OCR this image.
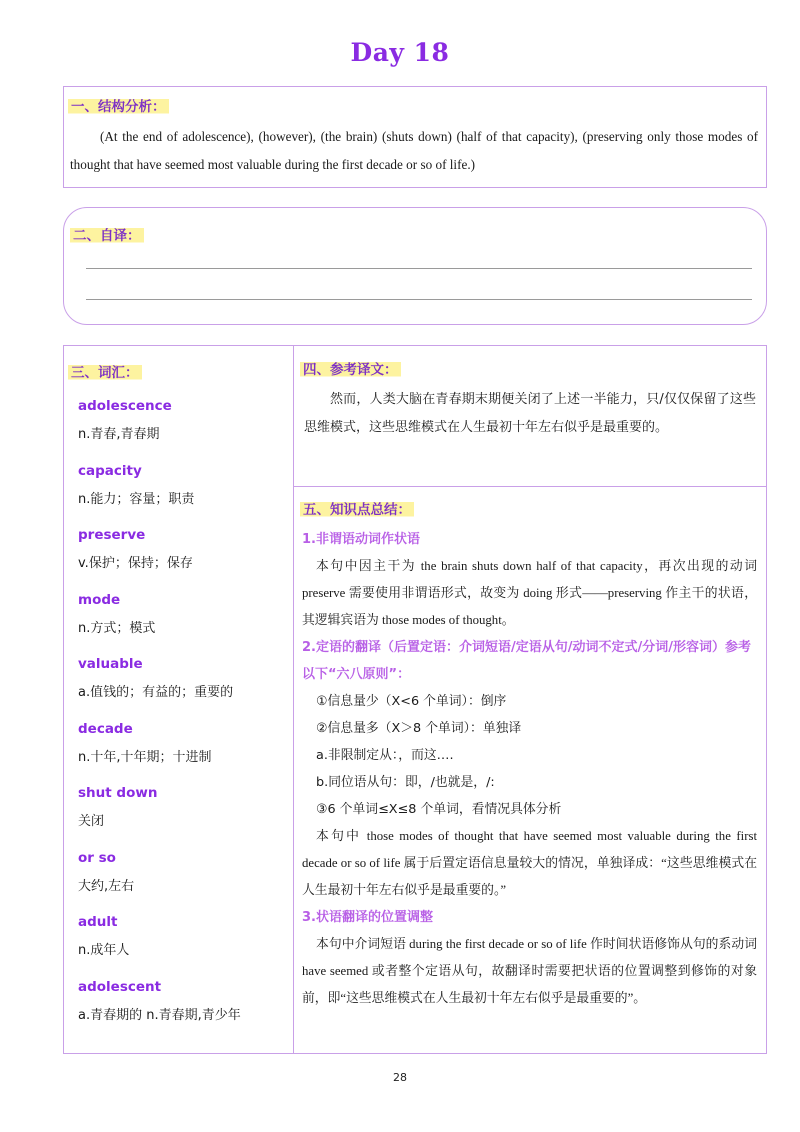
Day 18
一、结构分析：
(At the end of adolescence), (however), (the brain) (shuts down) (half of that capacity), (preserving only those modes of thought that have seemed most valuable during the first decade or so of life.)
二、自译：
三、词汇：
adolescence
n.青春,青春期
capacity
n.能力；容量；职责
preserve
v.保护；保持；保存
mode
n.方式；模式
valuable
a.值钱的；有益的；重要的
decade
n.十年,十年期；十进制
shut down
关闭
or so
大约,左右
adult
n.成年人
adolescent
a.青春期的 n.青春期,青少年
四、参考译文：
然而，人类大脑在青春期末期便关闭了上述一半能力，只/仅仅保留了这些思维模式，这些思维模式在人生最初十年左右似乎是最重要的。
五、知识点总结：
1.非谓语动词作状语
本句中因主干为 the brain shuts down half of that capacity，再次出现的动词 preserve 需要使用非谓语形式，故变为 doing 形式——preserving 作主干的状语，其逻辑宾语为 those modes of thought。
2.定语的翻译（后置定语：介词短语/定语从句/动词不定式/分词/形容词）参考以下“六八原则”：
①信息量少（X<6 个单词）：倒序
②信息量多（X＞8 个单词）：单独译
a.非限制定从：，而这….
b.同位语从句：即，/也就是，/:
③6 个单词≤X≤8 个单词，看情况具体分析
本句中 those modes of thought that have seemed most valuable during the first decade or so of life 属于后置定语信息量较大的情况，单独译成：“这些思维模式在人生最初十年左右似乎是最重要的。”
3.状语翻译的位置调整
本句中介词短语 during the first decade or so of life 作时间状语修饰从句的系动词 have seemed 或者整个定语从句，故翻译时需要把状语的位置调整到修饰的对象前，即“这些思维模式在人生最初十年左右似乎是最重要的”。
28
